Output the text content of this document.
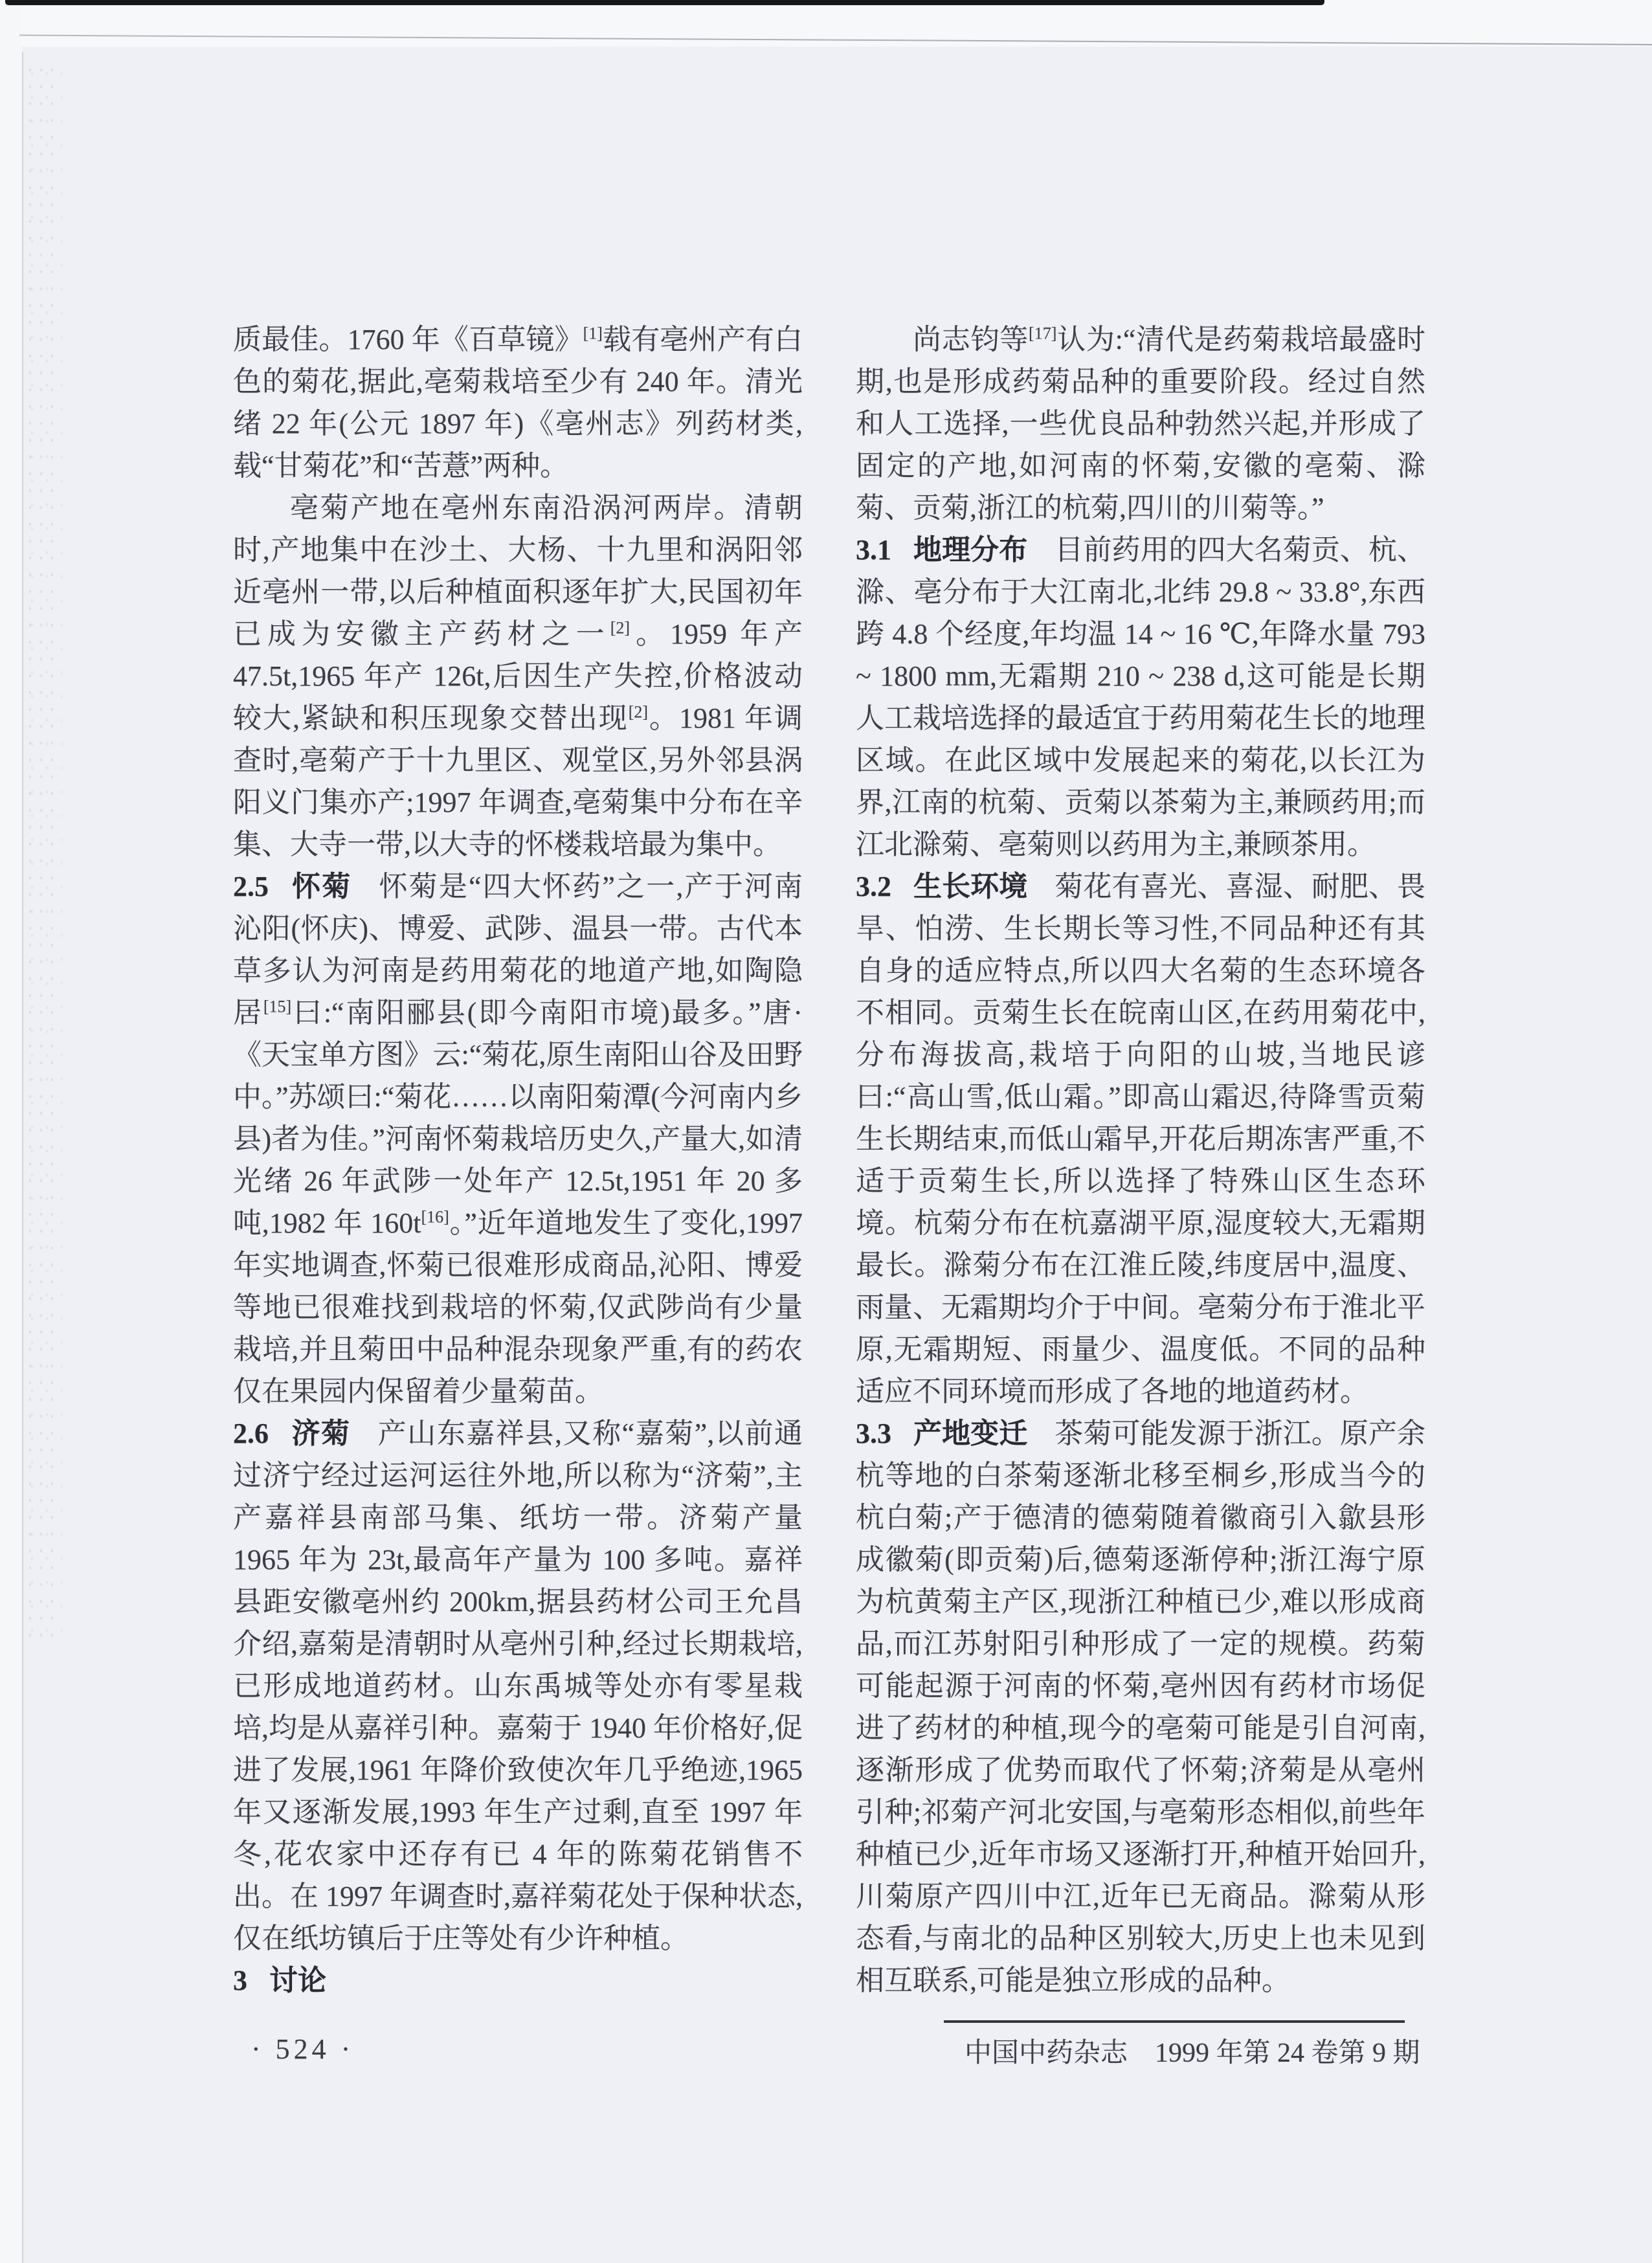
质最佳。1760 年《百草镜》[1]载有亳州产有白色的菊花,据此,亳菊栽培至少有 240 年。清光绪 22 年(公元 1897 年)《亳州志》列药材类,载“甘菊花”和“苦薏”两种。

亳菊产地在亳州东南沿涡河两岸。清朝时,产地集中在沙土、大杨、十九里和涡阳邻近亳州一带,以后种植面积逐年扩大,民国初年已成为安徽主产药材之一[2]。1959 年产 47.5t,1965 年产 126t,后因生产失控,价格波动较大,紧缺和积压现象交替出现[2]。1981 年调查时,亳菊产于十九里区、观堂区,另外邻县涡阳义门集亦产;1997 年调查,亳菊集中分布在辛集、大寺一带,以大寺的怀楼栽培最为集中。

2.5 怀菊 怀菊是“四大怀药”之一,产于河南沁阳(怀庆)、博爱、武陟、温县一带。古代本草多认为河南是药用菊花的地道产地,如陶隐居[15]曰:“南阳郦县(即今南阳市境)最多。”唐·《天宝单方图》云:“菊花,原生南阳山谷及田野中。”苏颂曰:“菊花……以南阳菊潭(今河南内乡县)者为佳。”河南怀菊栽培历史久,产量大,如清光绪 26 年武陟一处年产 12.5t,1951 年 20 多吨,1982 年 160t[16]。”近年道地发生了变化,1997 年实地调查,怀菊已很难形成商品,沁阳、博爱等地已很难找到栽培的怀菊,仅武陟尚有少量栽培,并且菊田中品种混杂现象严重,有的药农仅在果园内保留着少量菊苗。

2.6 济菊 产山东嘉祥县,又称“嘉菊”,以前通过济宁经过运河运往外地,所以称为“济菊”,主产嘉祥县南部马集、纸坊一带。济菊产量 1965 年为 23t,最高年产量为 100 多吨。嘉祥县距安徽亳州约 200km,据县药材公司王允昌介绍,嘉菊是清朝时从亳州引种,经过长期栽培,已形成地道药材。山东禹城等处亦有零星栽培,均是从嘉祥引种。嘉菊于 1940 年价格好,促进了发展,1961 年降价致使次年几乎绝迹,1965 年又逐渐发展,1993 年生产过剩,直至 1997 年冬,花农家中还存有已 4 年的陈菊花销售不出。在 1997 年调查时,嘉祥菊花处于保种状态,仅在纸坊镇后于庄等处有少许种植。

3 讨论

尚志钧等[17]认为:“清代是药菊栽培最盛时期,也是形成药菊品种的重要阶段。经过自然和人工选择,一些优良品种勃然兴起,并形成了固定的产地,如河南的怀菊,安徽的亳菊、滁菊、贡菊,浙江的杭菊,四川的川菊等。”

3.1 地理分布 目前药用的四大名菊贡、杭、滁、亳分布于大江南北,北纬 29.8 ~ 33.8°,东西跨 4.8 个经度,年均温 14 ~ 16 ℃,年降水量 793 ~ 1800 mm,无霜期 210 ~ 238 d,这可能是长期人工栽培选择的最适宜于药用菊花生长的地理区域。在此区域中发展起来的菊花,以长江为界,江南的杭菊、贡菊以茶菊为主,兼顾药用;而江北滁菊、亳菊则以药用为主,兼顾茶用。

3.2 生长环境 菊花有喜光、喜湿、耐肥、畏旱、怕涝、生长期长等习性,不同品种还有其自身的适应特点,所以四大名菊的生态环境各不相同。贡菊生长在皖南山区,在药用菊花中,分布海拔高,栽培于向阳的山坡,当地民谚曰:“高山雪,低山霜。”即高山霜迟,待降雪贡菊生长期结束,而低山霜早,开花后期冻害严重,不适于贡菊生长,所以选择了特殊山区生态环境。杭菊分布在杭嘉湖平原,湿度较大,无霜期最长。滁菊分布在江淮丘陵,纬度居中,温度、雨量、无霜期均介于中间。亳菊分布于淮北平原,无霜期短、雨量少、温度低。不同的品种适应不同环境而形成了各地的地道药材。

3.3 产地变迁 茶菊可能发源于浙江。原产余杭等地的白茶菊逐渐北移至桐乡,形成当今的杭白菊;产于德清的德菊随着徽商引入歙县形成徽菊(即贡菊)后,德菊逐渐停种;浙江海宁原为杭黄菊主产区,现浙江种植已少,难以形成商品,而江苏射阳引种形成了一定的规模。药菊可能起源于河南的怀菊,亳州因有药材市场促进了药材的种植,现今的亳菊可能是引自河南,逐渐形成了优势而取代了怀菊;济菊是从亳州引种;祁菊产河北安国,与亳菊形态相似,前些年种植已少,近年市场又逐渐打开,种植开始回升,川菊原产四川中江,近年已无商品。滁菊从形态看,与南北的品种区别较大,历史上也未见到相互联系,可能是独立形成的品种。

· 524 ·	中国中药杂志　1999 年第 24 卷第 9 期
